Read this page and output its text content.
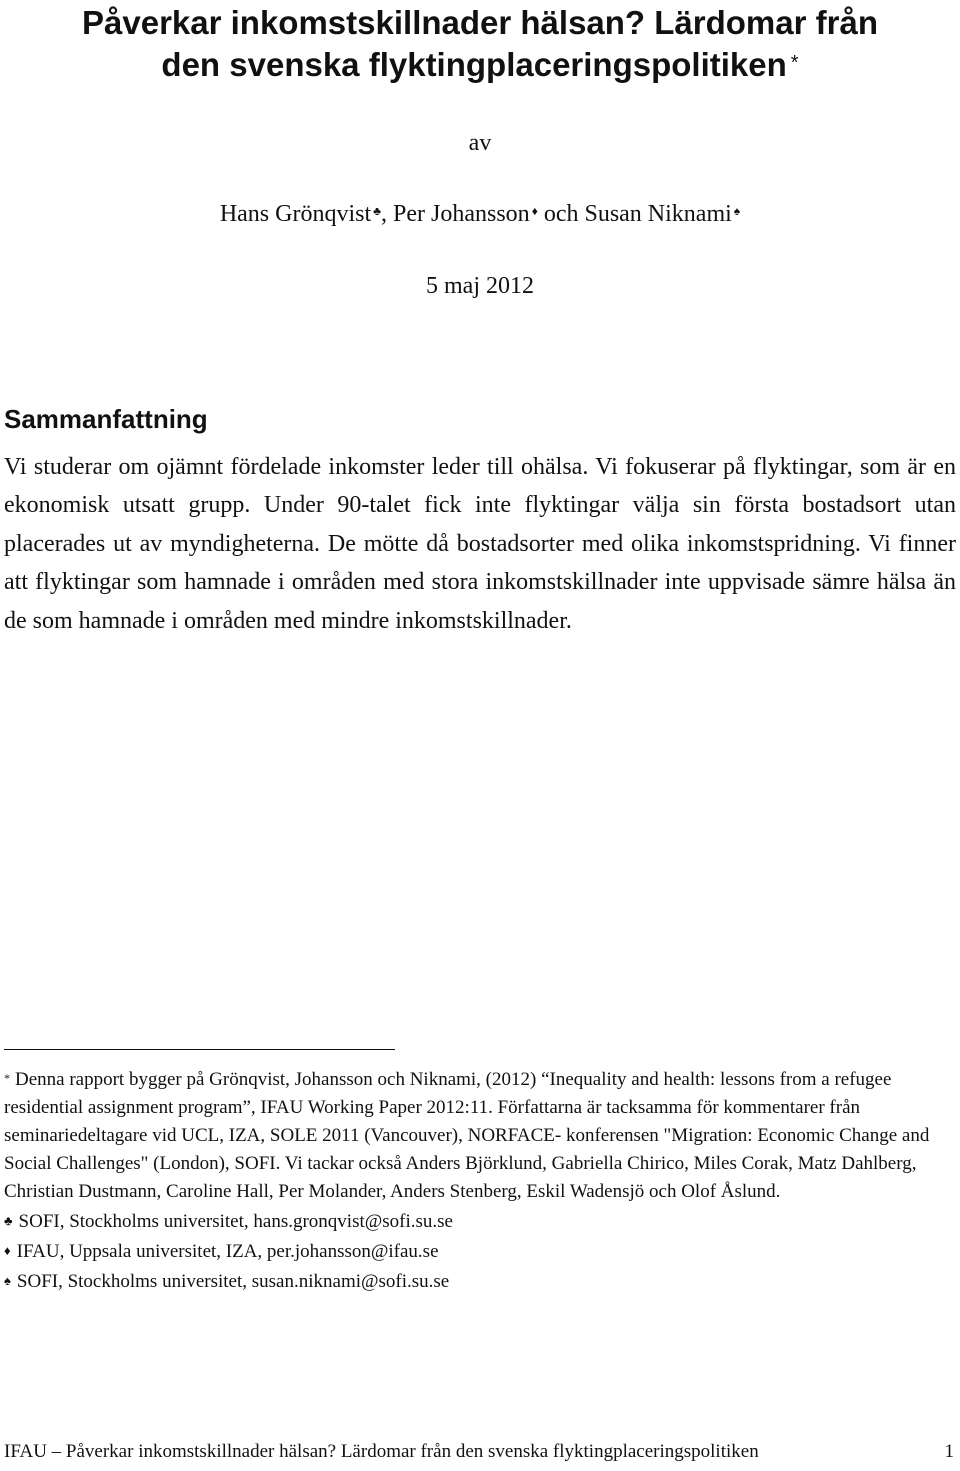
Påverkar inkomstskillnader hälsan? Lärdomar från
den svenska flyktingplaceringspolitiken *
av
Hans Grönqvist ♣, Per Johansson ♦ och Susan Niknami ♠
5 maj 2012
Sammanfattning

Vi studerar om ojämnt fördelade inkomster leder till ohälsa. Vi fokuserar på flyktingar, som är en ekonomisk utsatt grupp. Under 90-talet fick inte flyktingar välja sin första bostadsort utan placerades ut av myndigheterna. De mötte då bostadsorter med olika inkomstspridning. Vi finner att flyktingar som hamnade i områden med stora inkomstskillnader inte uppvisade sämre hälsa än de som hamnade i områden med mindre inkomstskillnader.

* Denna rapport bygger på Grönqvist, Johansson och Niknami, (2012) “Inequality and health: lessons from a refugee residential assignment program”, IFAU Working Paper 2012:11. Författarna är tacksamma för kommentarer från seminariedeltagare vid UCL, IZA, SOLE 2011 (Vancouver), NORFACE- konferensen "Migration: Economic Change and Social Challenges" (London), SOFI. Vi tackar också Anders Björklund, Gabriella Chirico, Miles Corak, Matz Dahlberg, Christian Dustmann, Caroline Hall, Per Molander, Anders Stenberg, Eskil Wadensjö och Olof Åslund.

♣ SOFI, Stockholms universitet, hans.gronqvist@sofi.su.se
♦ IFAU, Uppsala universitet, IZA, per.johansson@ifau.se
♠ SOFI, Stockholms universitet, susan.niknami@sofi.su.se
IFAU – Påverkar inkomstskillnader hälsan? Lärdomar från den svenska flyktingplaceringspolitiken	1
